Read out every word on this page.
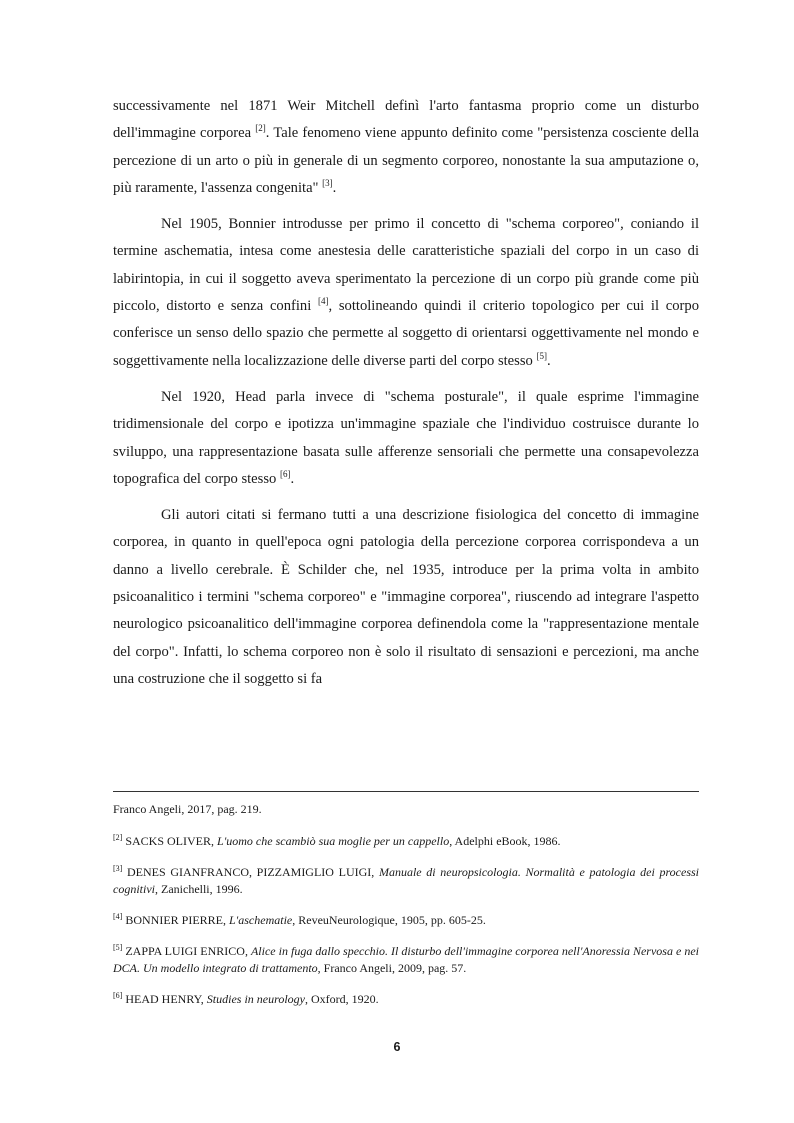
successivamente nel 1871 Weir Mitchell definì l'arto fantasma proprio come un disturbo dell'immagine corporea [2]. Tale fenomeno viene appunto definito come "persistenza cosciente della percezione di un arto o più in generale di un segmento corporeo, nonostante la sua amputazione o, più raramente, l'assenza congenita" [3].

Nel 1905, Bonnier introdusse per primo il concetto di "schema corporeo", coniando il termine aschematia, intesa come anestesia delle caratteristiche spaziali del corpo in un caso di labirintopia, in cui il soggetto aveva sperimentato la percezione di un corpo più grande come più piccolo, distorto e senza confini [4], sottolineando quindi il criterio topologico per cui il corpo conferisce un senso dello spazio che permette al soggetto di orientarsi oggettivamente nel mondo e soggettivamente nella localizzazione delle diverse parti del corpo stesso [5].

Nel 1920, Head parla invece di "schema posturale", il quale esprime l'immagine tridimensionale del corpo e ipotizza un'immagine spaziale che l'individuo costruisce durante lo sviluppo, una rappresentazione basata sulle afferenze sensoriali che permette una consapevolezza topografica del corpo stesso [6].

Gli autori citati si fermano tutti a una descrizione fisiologica del concetto di immagine corporea, in quanto in quell'epoca ogni patologia della percezione corporea corrispondeva a un danno a livello cerebrale. È Schilder che, nel 1935, introduce per la prima volta in ambito psicoanalitico i termini "schema corporeo" e "immagine corporea", riuscendo ad integrare l'aspetto neurologico psicoanalitico dell'immagine corporea definendola come la "rappresentazione mentale del corpo". Infatti, lo schema corporeo non è solo il risultato di sensazioni e percezioni, ma anche una costruzione che il soggetto si fa

Franco Angeli, 2017, pag. 219.
[2] SACKS OLIVER, L'uomo che scambiò sua moglie per un cappello, Adelphi eBook, 1986.
[3] DENES GIANFRANCO, PIZZAMIGLIO LUIGI, Manuale di neuropsicologia. Normalità e patologia dei processi cognitivi, Zanichelli, 1996.
[4] BONNIER PIERRE, L'aschematie, ReveuNeurologique, 1905, pp. 605-25.
[5] ZAPPA LUIGI ENRICO, Alice in fuga dallo specchio. Il disturbo dell'immagine corporea nell'Anoressia Nervosa e nei DCA. Un modello integrato di trattamento, Franco Angeli, 2009, pag. 57.
[6] HEAD HENRY, Studies in neurology, Oxford, 1920.
6
